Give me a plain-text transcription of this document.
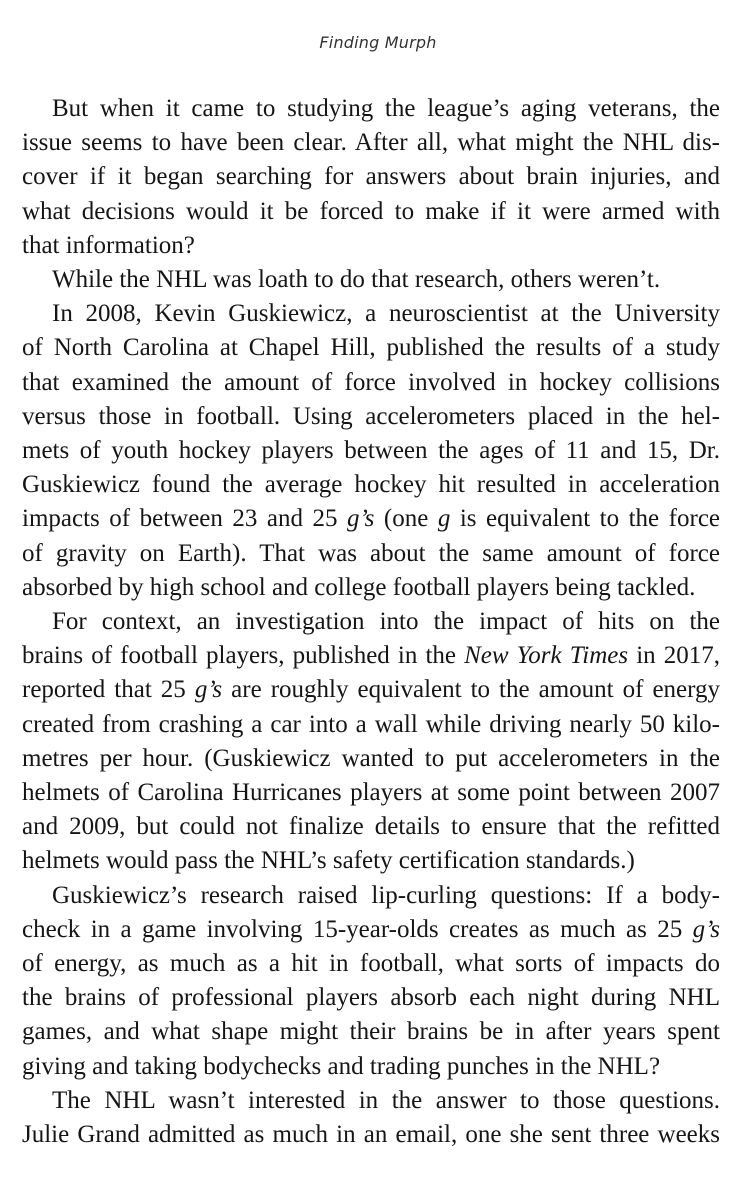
Finding Murph
But when it came to studying the league’s aging veterans, the
issue seems to have been clear. After all, what might the NHL dis-
cover if it began searching for answers about brain injuries, and
what decisions would it be forced to make if it were armed with
that information?
While the NHL was loath to do that research, others weren’t.
In 2008, Kevin Guskiewicz, a neuroscientist at the University
of North Carolina at Chapel Hill, published the results of a study
that examined the amount of force involved in hockey collisions
versus those in football. Using accelerometers placed in the hel-
mets of youth hockey players between the ages of 11 and 15, Dr.
Guskiewicz found the average hockey hit resulted in acceleration
impacts of between 23 and 25 g’s (one g is equivalent to the force
of gravity on Earth). That was about the same amount of force
absorbed by high school and college football players being tackled.
For context, an investigation into the impact of hits on the
brains of football players, published in the New York Times in 2017,
reported that 25 g’s are roughly equivalent to the amount of energy
created from crashing a car into a wall while driving nearly 50 kilo-
metres per hour. (Guskiewicz wanted to put accelerometers in the
helmets of Carolina Hurricanes players at some point between 2007
and 2009, but could not finalize details to ensure that the refitted
helmets would pass the NHL’s safety certification standards.)
Guskiewicz’s research raised lip-curling questions: If a body-
check in a game involving 15-year-olds creates as much as 25 g’s
of energy, as much as a hit in football, what sorts of impacts do
the brains of professional players absorb each night during NHL
games, and what shape might their brains be in after years spent
giving and taking bodychecks and trading punches in the NHL?
The NHL wasn’t interested in the answer to those questions.
Julie Grand admitted as much in an email, one she sent three weeks
